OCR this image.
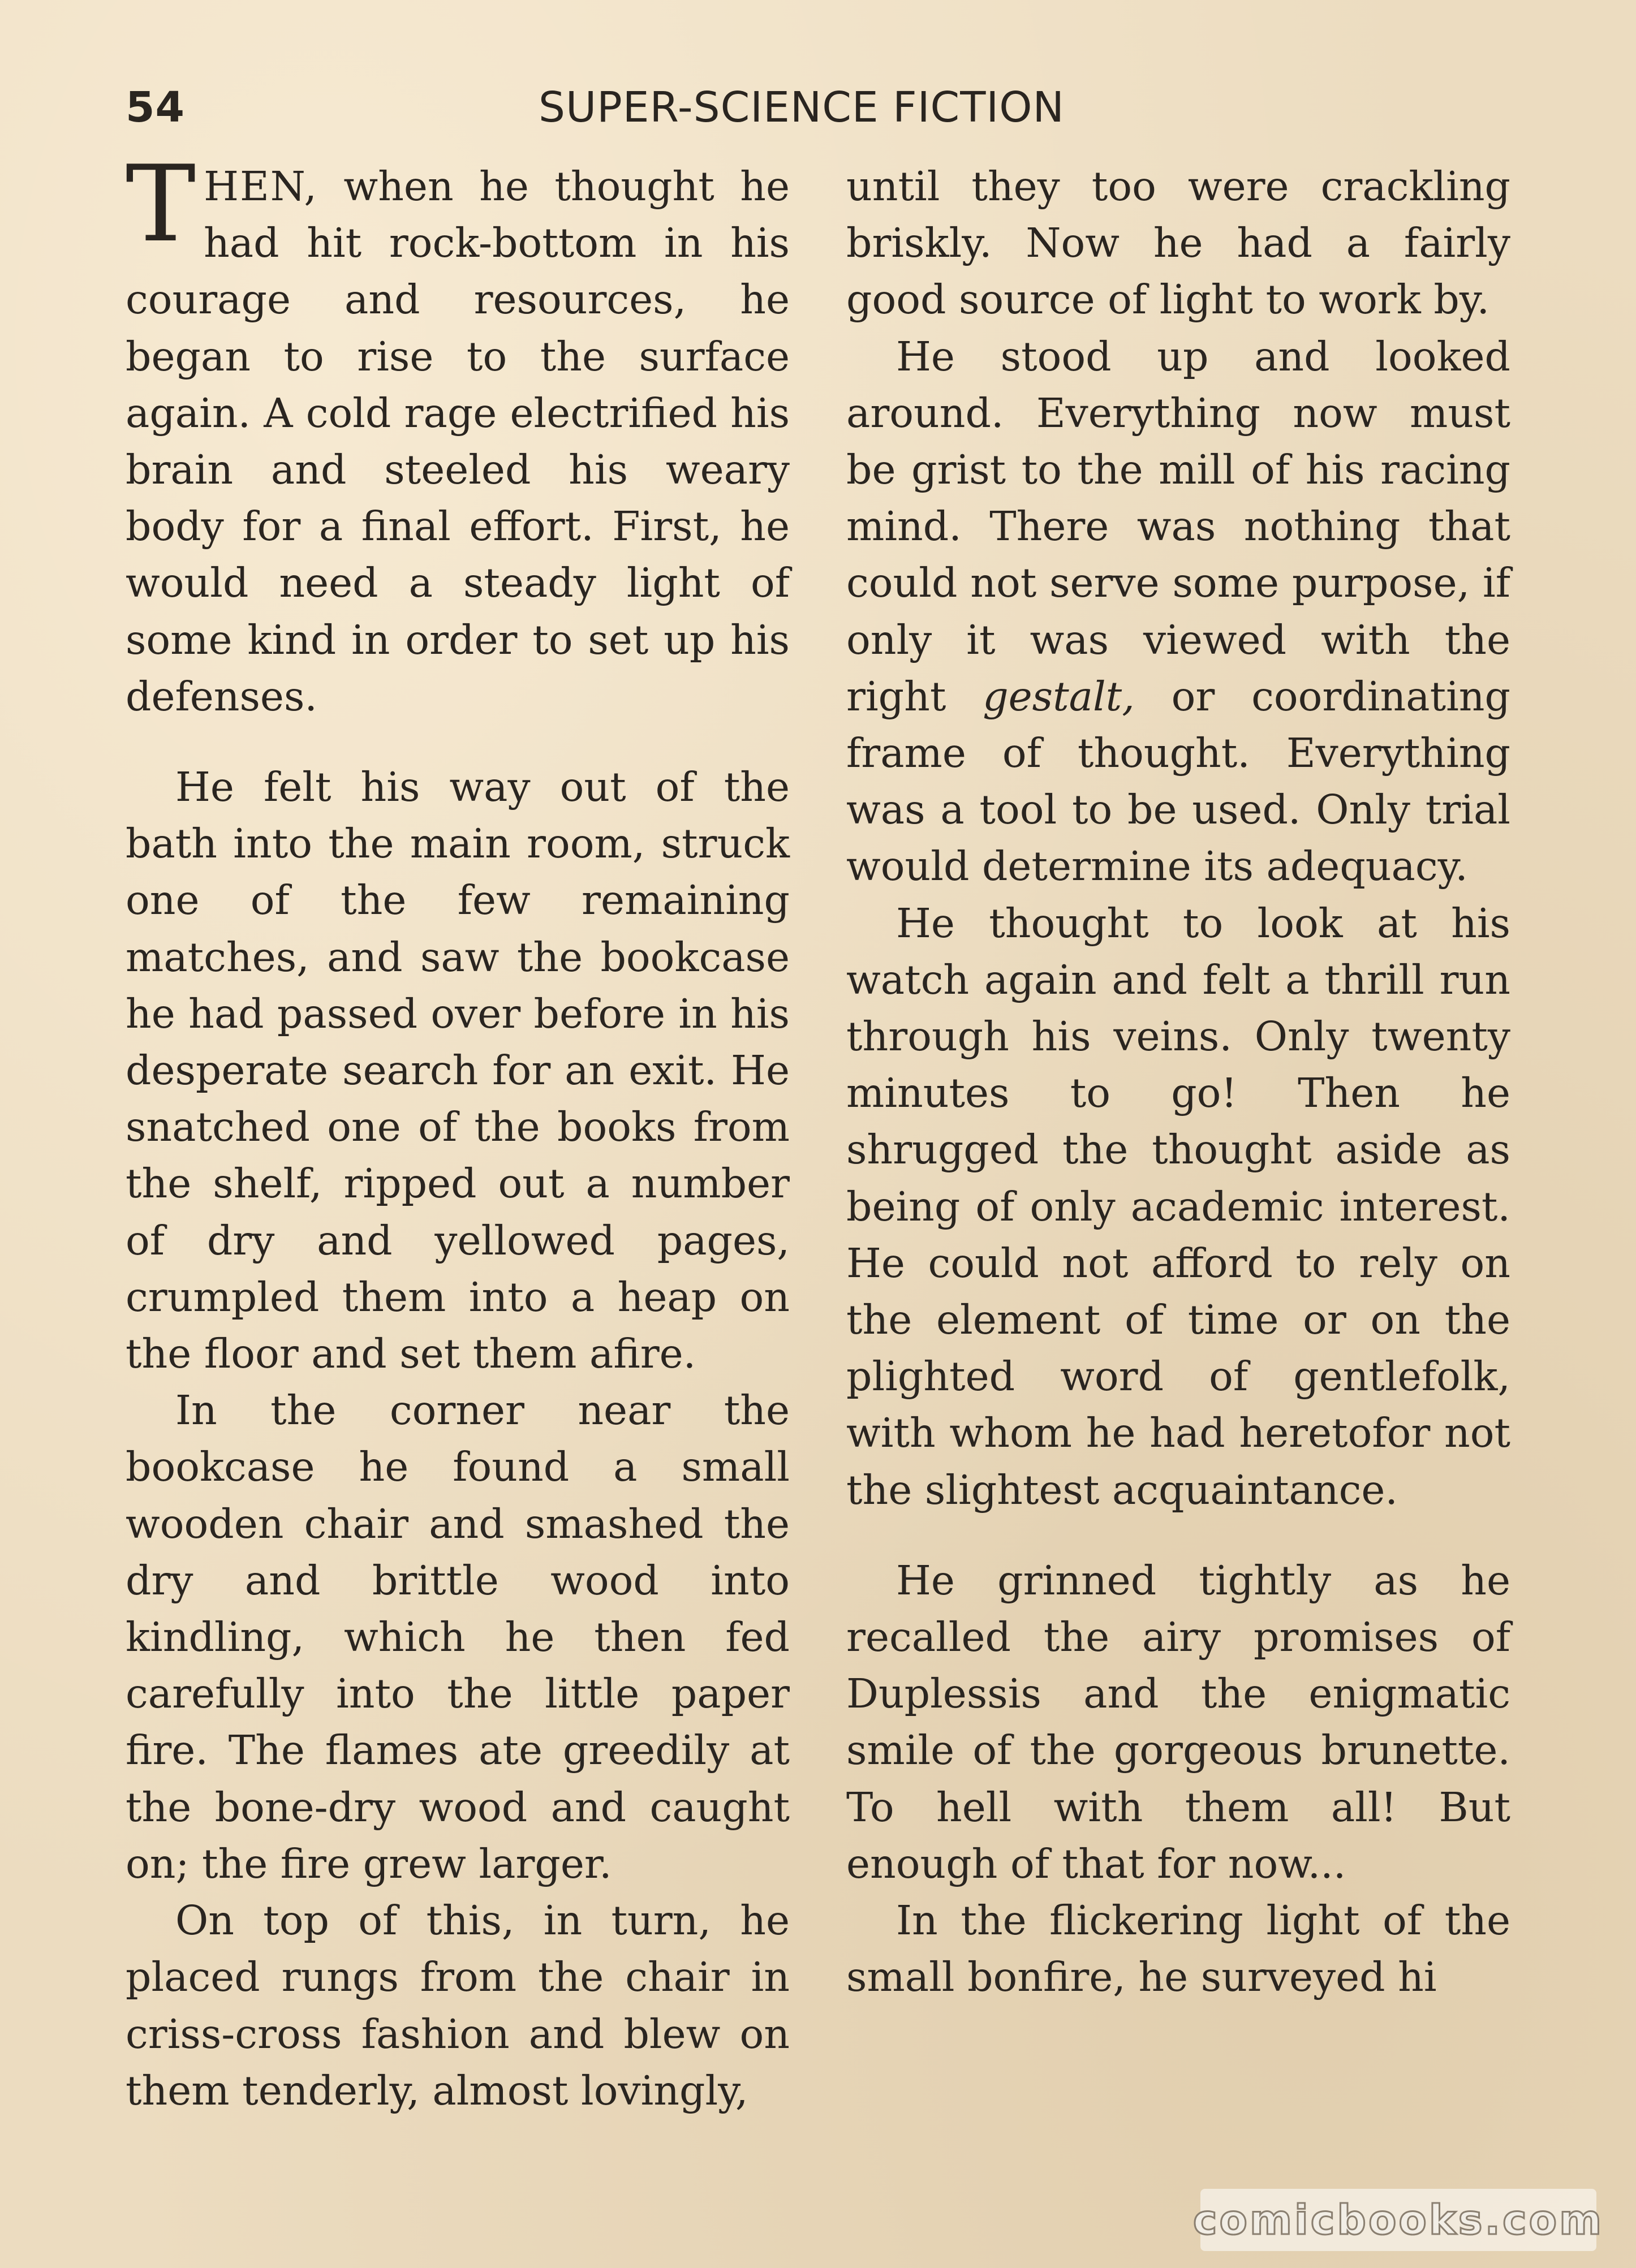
54	SUPER-SCIENCE FICTION

THEN, when he thought he had hit rock-bottom in his courage and resources, he began to rise to the surface again. A cold rage electrified his brain and steeled his weary body for a final effort. First, he would need a steady light of some kind in order to set up his defenses.

He felt his way out of the bath into the main room, struck one of the few remaining matches, and saw the bookcase he had passed over before in his desperate search for an exit. He snatched one of the books from the shelf, ripped out a number of dry and yellowed pages, crumpled them into a heap on the floor and set them afire.

In the corner near the bookcase he found a small wooden chair and smashed the dry and brittle wood into kindling, which he then fed carefully into the little paper fire. The flames ate greedily at the bone-dry wood and caught on; the fire grew larger.

On top of this, in turn, he placed rungs from the chair in criss-cross fashion and blew on them tenderly, almost lovingly,

until they too were crackling briskly. Now he had a fairly good source of light to work by.

He stood up and looked around. Everything now must be grist to the mill of his racing mind. There was nothing that could not serve some purpose, if only it was viewed with the right gestalt, or coordinating frame of thought. Everything was a tool to be used. Only trial would determine its adequacy.

He thought to look at his watch again and felt a thrill run through his veins. Only twenty minutes to go! Then he shrugged the thought aside as being of only academic interest. He could not afford to rely on the element of time or on the plighted word of gentlefolk, with whom he had heretofor not the slightest acquaintance.

He grinned tightly as he recalled the airy promises of Duplessis and the enigmatic smile of the gorgeous brunette. To hell with them all! But enough of that for now...

In the flickering light of the small bonfire, he surveyed hi

comicbooks.com
